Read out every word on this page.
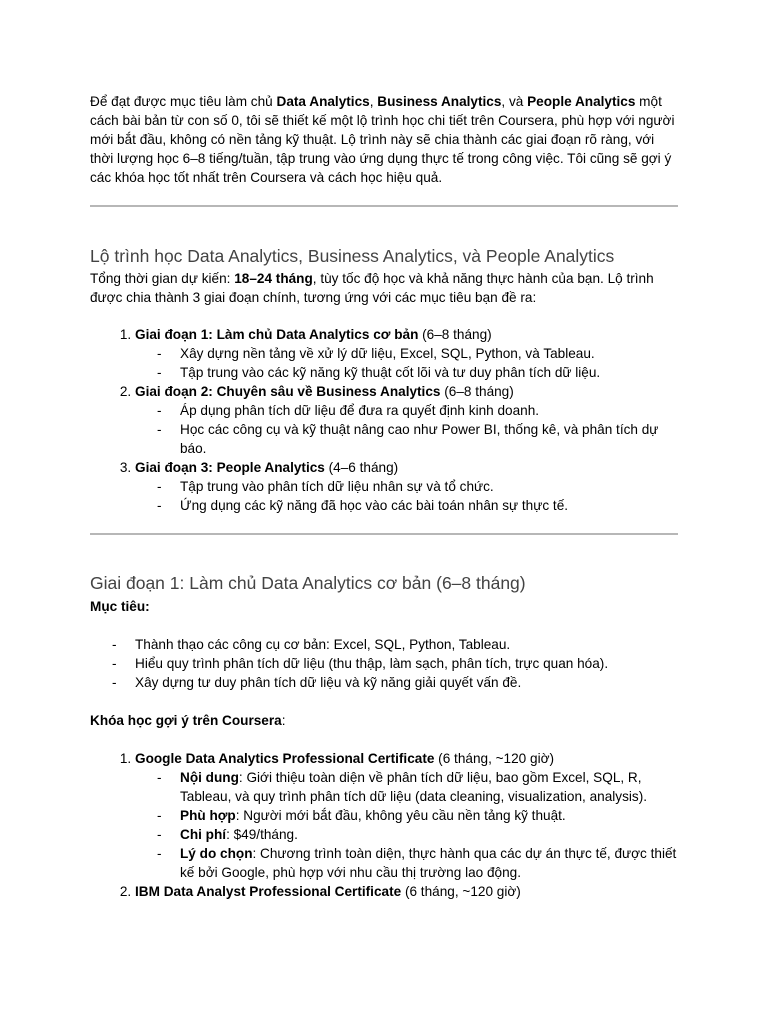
Để đạt được mục tiêu làm chủ Data Analytics, Business Analytics, và People Analytics một cách bài bản từ con số 0, tôi sẽ thiết kế một lộ trình học chi tiết trên Coursera, phù hợp với người mới bắt đầu, không có nền tảng kỹ thuật. Lộ trình này sẽ chia thành các giai đoạn rõ ràng, với thời lượng học 6–8 tiếng/tuần, tập trung vào ứng dụng thực tế trong công việc. Tôi cũng sẽ gợi ý các khóa học tốt nhất trên Coursera và cách học hiệu quả.

Lộ trình học Data Analytics, Business Analytics, và People Analytics

Tổng thời gian dự kiến: 18–24 tháng, tùy tốc độ học và khả năng thực hành của bạn. Lộ trình được chia thành 3 giai đoạn chính, tương ứng với các mục tiêu bạn đề ra:

1. Giai đoạn 1: Làm chủ Data Analytics cơ bản (6–8 tháng)
- Xây dựng nền tảng về xử lý dữ liệu, Excel, SQL, Python, và Tableau.
- Tập trung vào các kỹ năng kỹ thuật cốt lõi và tư duy phân tích dữ liệu.
2. Giai đoạn 2: Chuyên sâu về Business Analytics (6–8 tháng)
- Áp dụng phân tích dữ liệu để đưa ra quyết định kinh doanh.
- Học các công cụ và kỹ thuật nâng cao như Power BI, thống kê, và phân tích dự báo.
3. Giai đoạn 3: People Analytics (4–6 tháng)
- Tập trung vào phân tích dữ liệu nhân sự và tổ chức.
- Ứng dụng các kỹ năng đã học vào các bài toán nhân sự thực tế.
Giai đoạn 1: Làm chủ Data Analytics cơ bản (6–8 tháng)

Mục tiêu:

- Thành thạo các công cụ cơ bản: Excel, SQL, Python, Tableau.
- Hiểu quy trình phân tích dữ liệu (thu thập, làm sạch, phân tích, trực quan hóa).
- Xây dựng tư duy phân tích dữ liệu và kỹ năng giải quyết vấn đề.

Khóa học gợi ý trên Coursera:

1. Google Data Analytics Professional Certificate (6 tháng, ~120 giờ)
- Nội dung: Giới thiệu toàn diện về phân tích dữ liệu, bao gồm Excel, SQL, R, Tableau, và quy trình phân tích dữ liệu (data cleaning, visualization, analysis).
- Phù hợp: Người mới bắt đầu, không yêu cầu nền tảng kỹ thuật.
- Chi phí: $49/tháng.
- Lý do chọn: Chương trình toàn diện, thực hành qua các dự án thực tế, được thiết kế bởi Google, phù hợp với nhu cầu thị trường lao động.
2. IBM Data Analyst Professional Certificate (6 tháng, ~120 giờ)
